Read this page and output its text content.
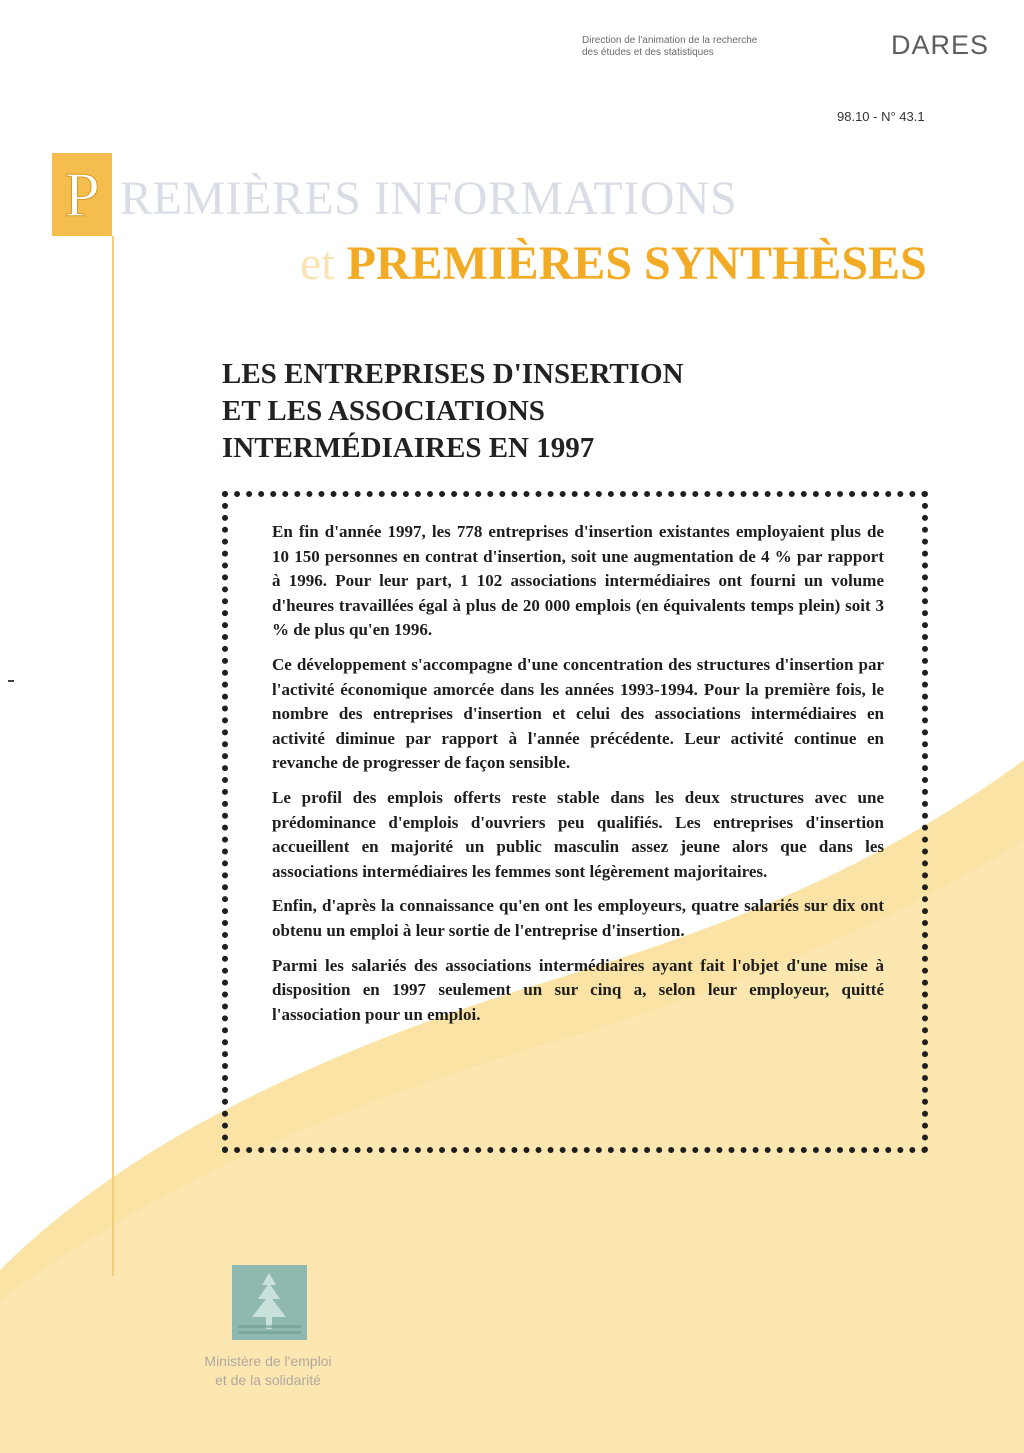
Direction de l'animation de la recherche
des études et des statistiques	DARES
98.10 - N° 43.1
P REMIÈRES INFORMATIONS
et PREMIÈRES SYNTHÈSES
LES ENTREPRISES D'INSERTION
ET LES ASSOCIATIONS
INTERMÉDIAIRES EN 1997

En fin d'année 1997, les 778 entreprises d'insertion existantes employaient plus de 10 150 personnes en contrat d'insertion, soit une augmentation de 4 % par rapport à 1996. Pour leur part, 1 102 associations intermédiaires ont fourni un volume d'heures travaillées égal à plus de 20 000 emplois (en équivalents temps plein) soit 3 % de plus qu'en 1996.

Ce développement s'accompagne d'une concentration des structures d'insertion par l'activité économique amorcée dans les années 1993-1994. Pour la première fois, le nombre des entreprises d'insertion et celui des associations intermédiaires en activité diminue par rapport à l'année précédente. Leur activité continue en revanche de progresser de façon sensible.

Le profil des emplois offerts reste stable dans les deux structures avec une prédominance d'emplois d'ouvriers peu qualifiés. Les entreprises d'insertion accueillent en majorité un public masculin assez jeune alors que dans les associations intermédiaires les femmes sont légèrement majoritaires.

Enfin, d'après la connaissance qu'en ont les employeurs, quatre salariés sur dix ont obtenu un emploi à leur sortie de l'entreprise d'insertion.

Parmi les salariés des associations intermédiaires ayant fait l'objet d'une mise à disposition en 1997 seulement un sur cinq a, selon leur employeur, quitté l'association pour un emploi.

Ministère de l'emploi
et de la solidarité
